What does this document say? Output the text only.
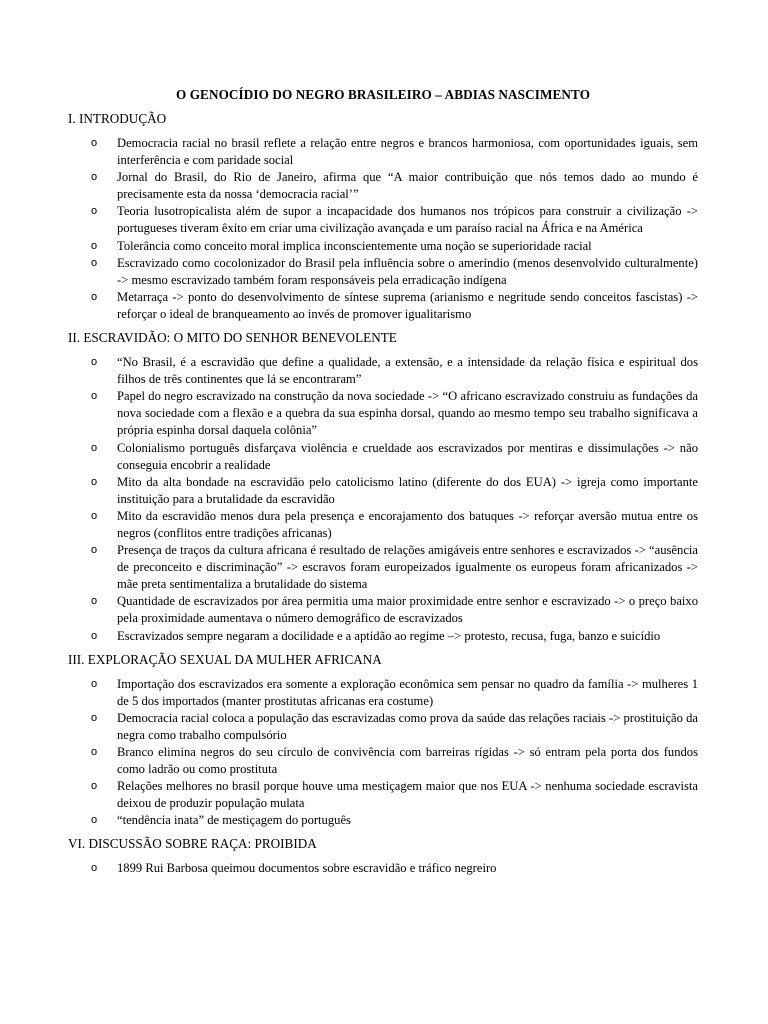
O GENOCÍDIO DO NEGRO BRASILEIRO – ABDIAS NASCIMENTO
I. INTRODUÇÃO
o Democracia racial no brasil reflete a relação entre negros e brancos harmoniosa, com oportunidades iguais, sem interferência e com paridade social
o Jornal do Brasil, do Rio de Janeiro, afirma que “A maior contribuição que nós temos dado ao mundo é precisamente esta da nossa ‘democracia racial’”
o Teoria lusotropicalista além de supor a incapacidade dos humanos nos trópicos para construir a civilização -> portugueses tiveram êxito em criar uma civilização avançada e um paraíso racial na África e na América
o Tolerância como conceito moral implica inconscientemente uma noção se superioridade racial
o Escravizado como cocolonizador do Brasil pela influência sobre o ameríndio (menos desenvolvido culturalmente) -> mesmo escravizado também foram responsáveis pela erradicação indígena
o Metarraça -> ponto do desenvolvimento de síntese suprema (arianismo e negritude sendo conceitos fascistas) -> reforçar o ideal de branqueamento ao invés de promover igualitarismo
II. ESCRAVIDÃO: O MITO DO SENHOR BENEVOLENTE
o “No Brasil, é a escravidão que define a qualidade, a extensão, e a intensidade da relação física e espiritual dos filhos de três continentes que lá se encontraram”
o Papel do negro escravizado na construção da nova sociedade -> “O africano escravizado construiu as fundações da nova sociedade com a flexão e a quebra da sua espinha dorsal, quando ao mesmo tempo seu trabalho significava a própria espinha dorsal daquela colônia”
o Colonialismo português disfarçava violência e crueldade aos escravizados por mentiras e dissimulações -> não conseguia encobrir a realidade
o Mito da alta bondade na escravidão pelo catolicismo latino (diferente do dos EUA) -> igreja como importante instituição para a brutalidade da escravidão
o Mito da escravidão menos dura pela presença e encorajamento dos batuques -> reforçar aversão mutua entre os negros (conflitos entre tradições africanas)
o Presença de traços da cultura africana é resultado de relações amigáveis entre senhores e escravizados -> “ausência de preconceito e discriminação” -> escravos foram europeizados igualmente os europeus foram africanizados -> mãe preta sentimentaliza a brutalidade do sistema
o Quantidade de escravizados por área permitia uma maior proximidade entre senhor e escravizado -> o preço baixo pela proximidade aumentava o número demográfico de escravizados
o Escravizados sempre negaram a docilidade e a aptidão ao regime –> protesto, recusa, fuga, banzo e suicídio
III. EXPLORAÇÃO SEXUAL DA MULHER AFRICANA
o Importação dos escravizados era somente a exploração econômica sem pensar no quadro da família -> mulheres 1 de 5 dos importados (manter prostitutas africanas era costume)
o Democracia racial coloca a população das escravizadas como prova da saúde das relações raciais -> prostituição da negra como trabalho compulsório
o Branco elimina negros do seu círculo de convivência com barreiras rígidas -> só entram pela porta dos fundos como ladrão ou como prostituta
o Relações melhores no brasil porque houve uma mestiçagem maior que nos EUA -> nenhuma sociedade escravista deixou de produzir população mulata
o “tendência inata” de mestiçagem do português
VI. DISCUSSÃO SOBRE RAÇA: PROIBIDA
o 1899 Rui Barbosa queimou documentos sobre escravidão e tráfico negreiro
